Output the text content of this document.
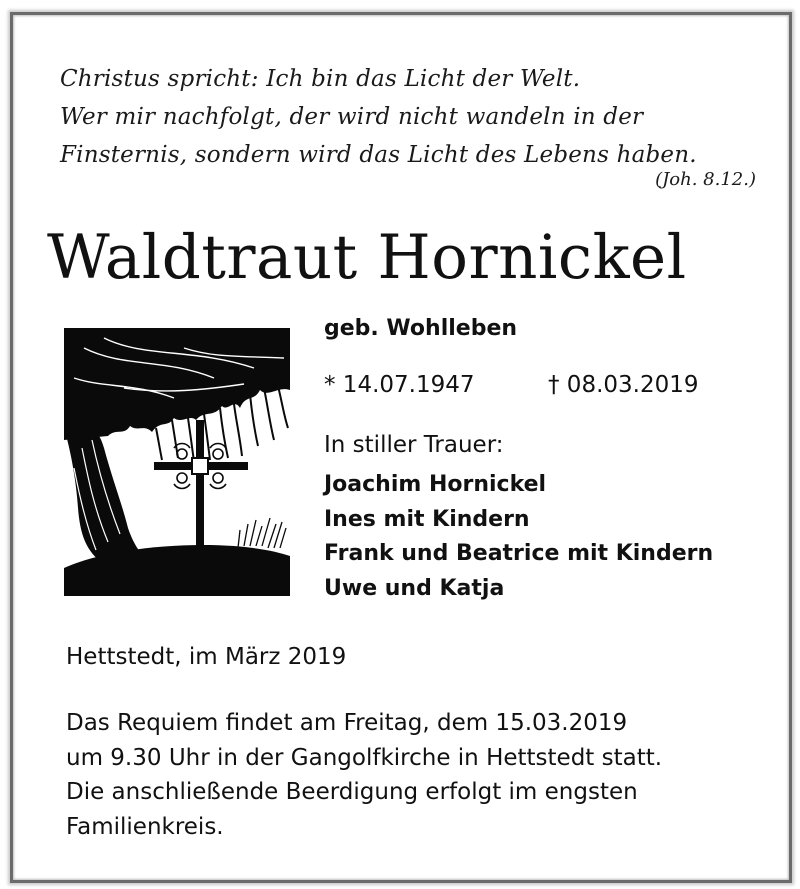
Christus spricht: Ich bin das Licht der Welt.
Wer mir nachfolgt, der wird nicht wandeln in der
Finsternis, sondern wird das Licht des Lebens haben.
(Joh. 8.12.)
Waldtraut Hornickel
geb. Wohlleben
* 14.07.1947	† 08.03.2019
In stiller Trauer:
Joachim Hornickel
Ines mit Kindern
Frank und Beatrice mit Kindern
Uwe und Katja
Hettstedt, im März 2019
Das Requiem findet am Freitag, dem 15.03.2019
um 9.30 Uhr in der Gangolfkirche in Hettstedt statt.
Die anschließende Beerdigung erfolgt im engsten
Familienkreis.
